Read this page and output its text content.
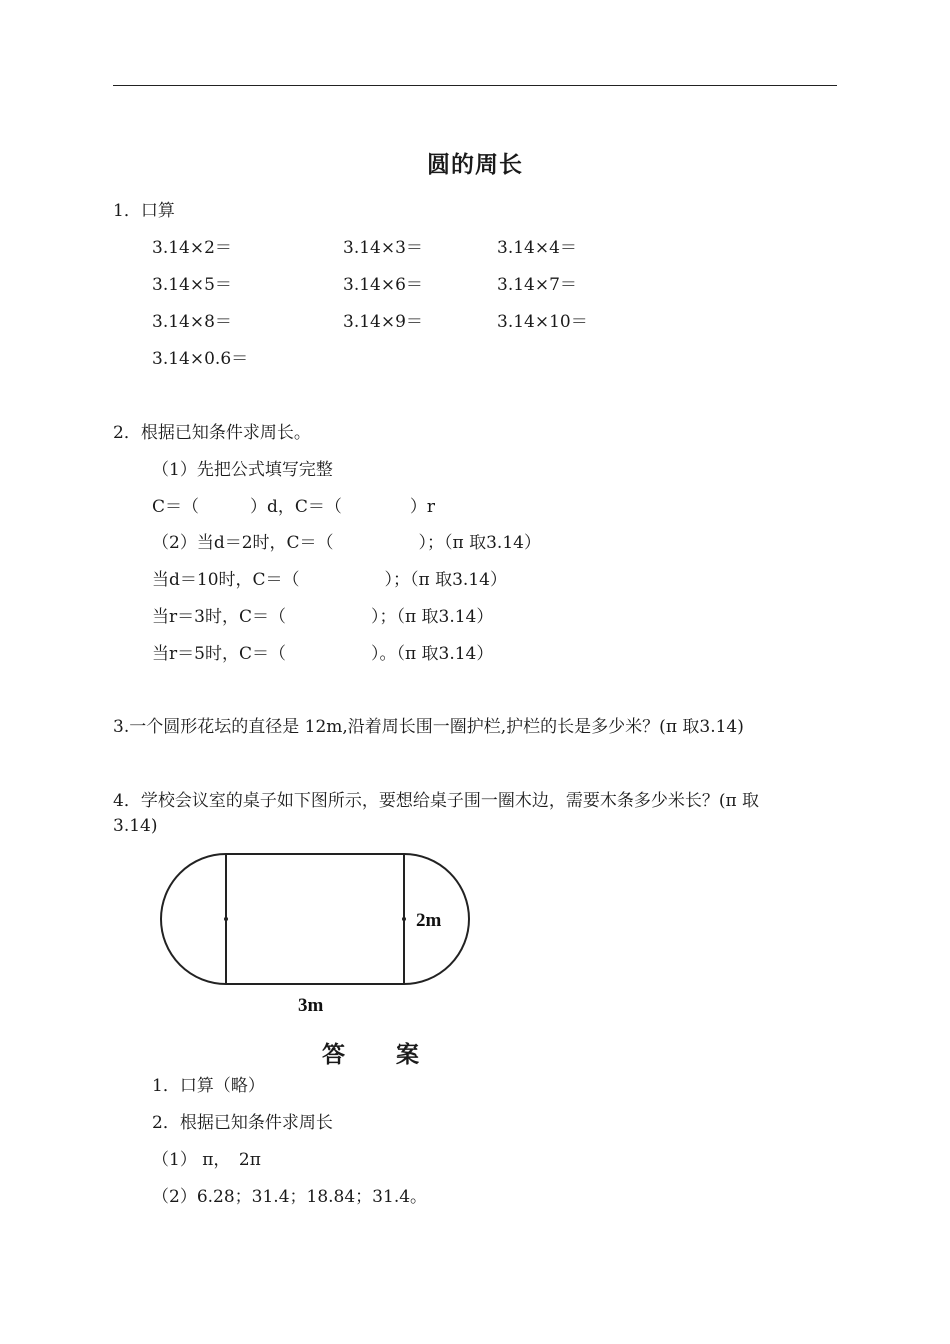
圆的周长
1．口算
3.14×2＝	3.14×3＝	3.14×4＝
3.14×5＝	3.14×6＝	3.14×7＝
3.14×8＝	3.14×9＝	3.14×10＝
3.14×0.6＝
2．根据已知条件求周长。
（1）先把公式填写完整
C＝（　　　）d，C＝（　　　　）r
（2）当d＝2时，C＝（　　　　　）；（π 取3.14）
当d＝10时，C＝（　　　　　）；（π 取3.14）
当r＝3时，C＝（　　　　　）；（π 取3.14）
当r＝5时，C＝（　　　　　）。（π 取3.14）
3.一个圆形花坛的直径是 12m,沿着周长围一圈护栏,护栏的长是多少米？(π 取3.14)
4．学校会议室的桌子如下图所示，要想给桌子围一圈木边，需要木条多少米长？(π 取
3.14)
2m
3m
答 案
1．口算（略）
2．根据已知条件求周长
（1） π，　2π
（2）6.28；31.4；18.84；31.4。
